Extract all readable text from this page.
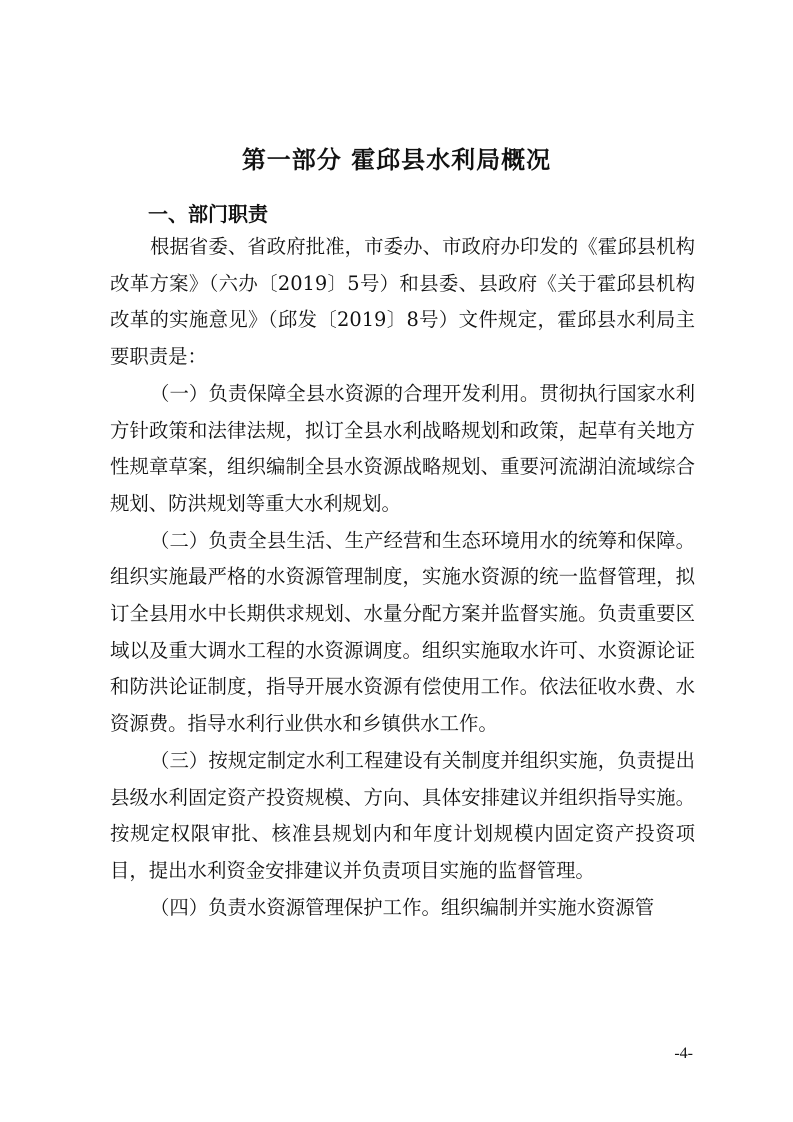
第一部分 霍邱县水利局概况
一、部门职责

根据省委、省政府批准，市委办、市政府办印发的《霍邱县机构改革方案》（六办〔2019〕5号）和县委、县政府《关于霍邱县机构改革的实施意见》（邱发〔2019〕8号）文件规定，霍邱县水利局主要职责是：

（一）负责保障全县水资源的合理开发利用。贯彻执行国家水利方针政策和法律法规，拟订全县水利战略规划和政策，起草有关地方性规章草案，组织编制全县水资源战略规划、重要河流湖泊流域综合规划、防洪规划等重大水利规划。

（二）负责全县生活、生产经营和生态环境用水的统筹和保障。组织实施最严格的水资源管理制度，实施水资源的统一监督管理，拟订全县用水中长期供求规划、水量分配方案并监督实施。负责重要区域以及重大调水工程的水资源调度。组织实施取水许可、水资源论证和防洪论证制度，指导开展水资源有偿使用工作。依法征收水费、水资源费。指导水利行业供水和乡镇供水工作。

（三）按规定制定水利工程建设有关制度并组织实施，负责提出县级水利固定资产投资规模、方向、具体安排建议并组织指导实施。按规定权限审批、核准县规划内和年度计划规模内固定资产投资项目，提出水利资金安排建议并负责项目实施的监督管理。

（四）负责水资源管理保护工作。组织编制并实施水资源管

-4-
